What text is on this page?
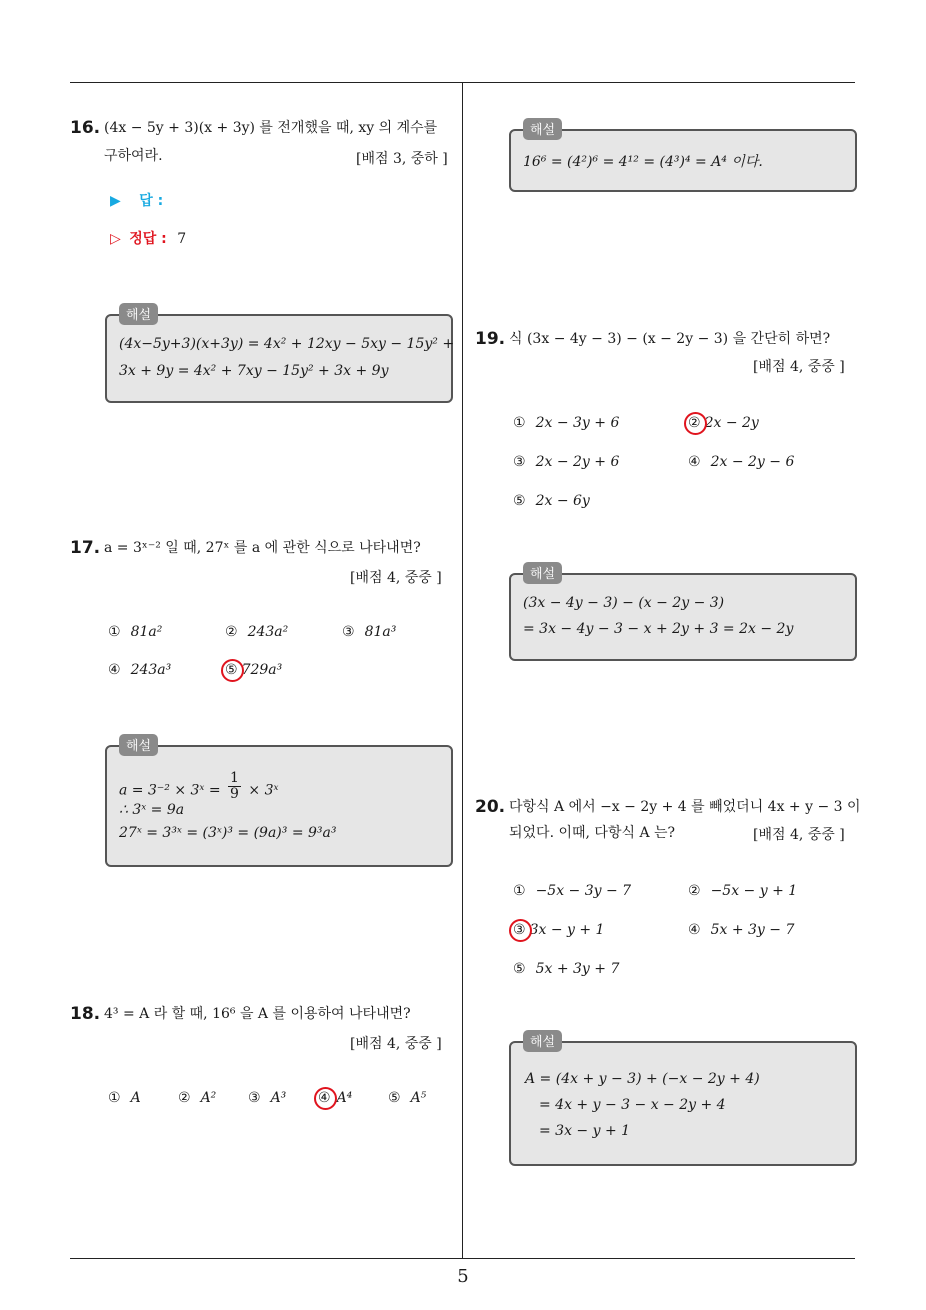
16. (4x − 5y + 3)(x + 3y) 를 전개했을 때, xy 의 계수를
구하여라.	[배점 3, 중하 ]
▶ 답 :
▷ 정답 : 7
해설
(4x−5y+3)(x+3y) = 4x² + 12xy − 5xy − 15y² +
3x + 9y = 4x² + 7xy − 15y² + 3x + 9y
17. a = 3ˣ⁻² 일 때, 27ˣ 를 a 에 관한 식으로 나타내면?
[배점 4, 중중 ]
① 81a²	② 243a²	③ 81a³
④ 243a³	⑤ 729a³
해설
a = 3⁻² × 3ˣ = $\frac{1}{9}$ × 3ˣ
∴ 3ˣ = 9a
27ˣ = 3³ˣ = (3ˣ)³ = (9a)³ = 9³a³
18. 4³ = A 라 할 때, 16⁶ 을 A 를 이용하여 나타내면?
[배점 4, 중중 ]
① A	② A² ③ A³ ④ A⁴	⑤ A⁵
해설
16⁶ = (4²)⁶ = 4¹² = (4³)⁴ = A⁴ 이다.
19. 식 (3x − 4y − 3) − (x − 2y − 3) 을 간단히 하면?
[배점 4, 중중 ]
① 2x − 3y + 6	② 2x − 2y
③ 2x − 2y + 6	④ 2x − 2y − 6
⑤ 2x − 6y
해설
(3x − 4y − 3) − (x − 2y − 3)
= 3x − 4y − 3 − x + 2y + 3 = 2x − 2y
20. 다항식 A 에서 −x − 2y + 4 를 빼었더니 4x + y − 3 이
되었다. 이때, 다항식 A 는?	[배점 4, 중중 ]
① −5x − 3y − 7	② −5x − y + 1
③ 3x − y + 1	④ 5x + 3y − 7
⑤ 5x + 3y + 7
해설
A = (4x + y − 3) + (−x − 2y + 4)
= 4x + y − 3 − x − 2y + 4
= 3x − y + 1
5
